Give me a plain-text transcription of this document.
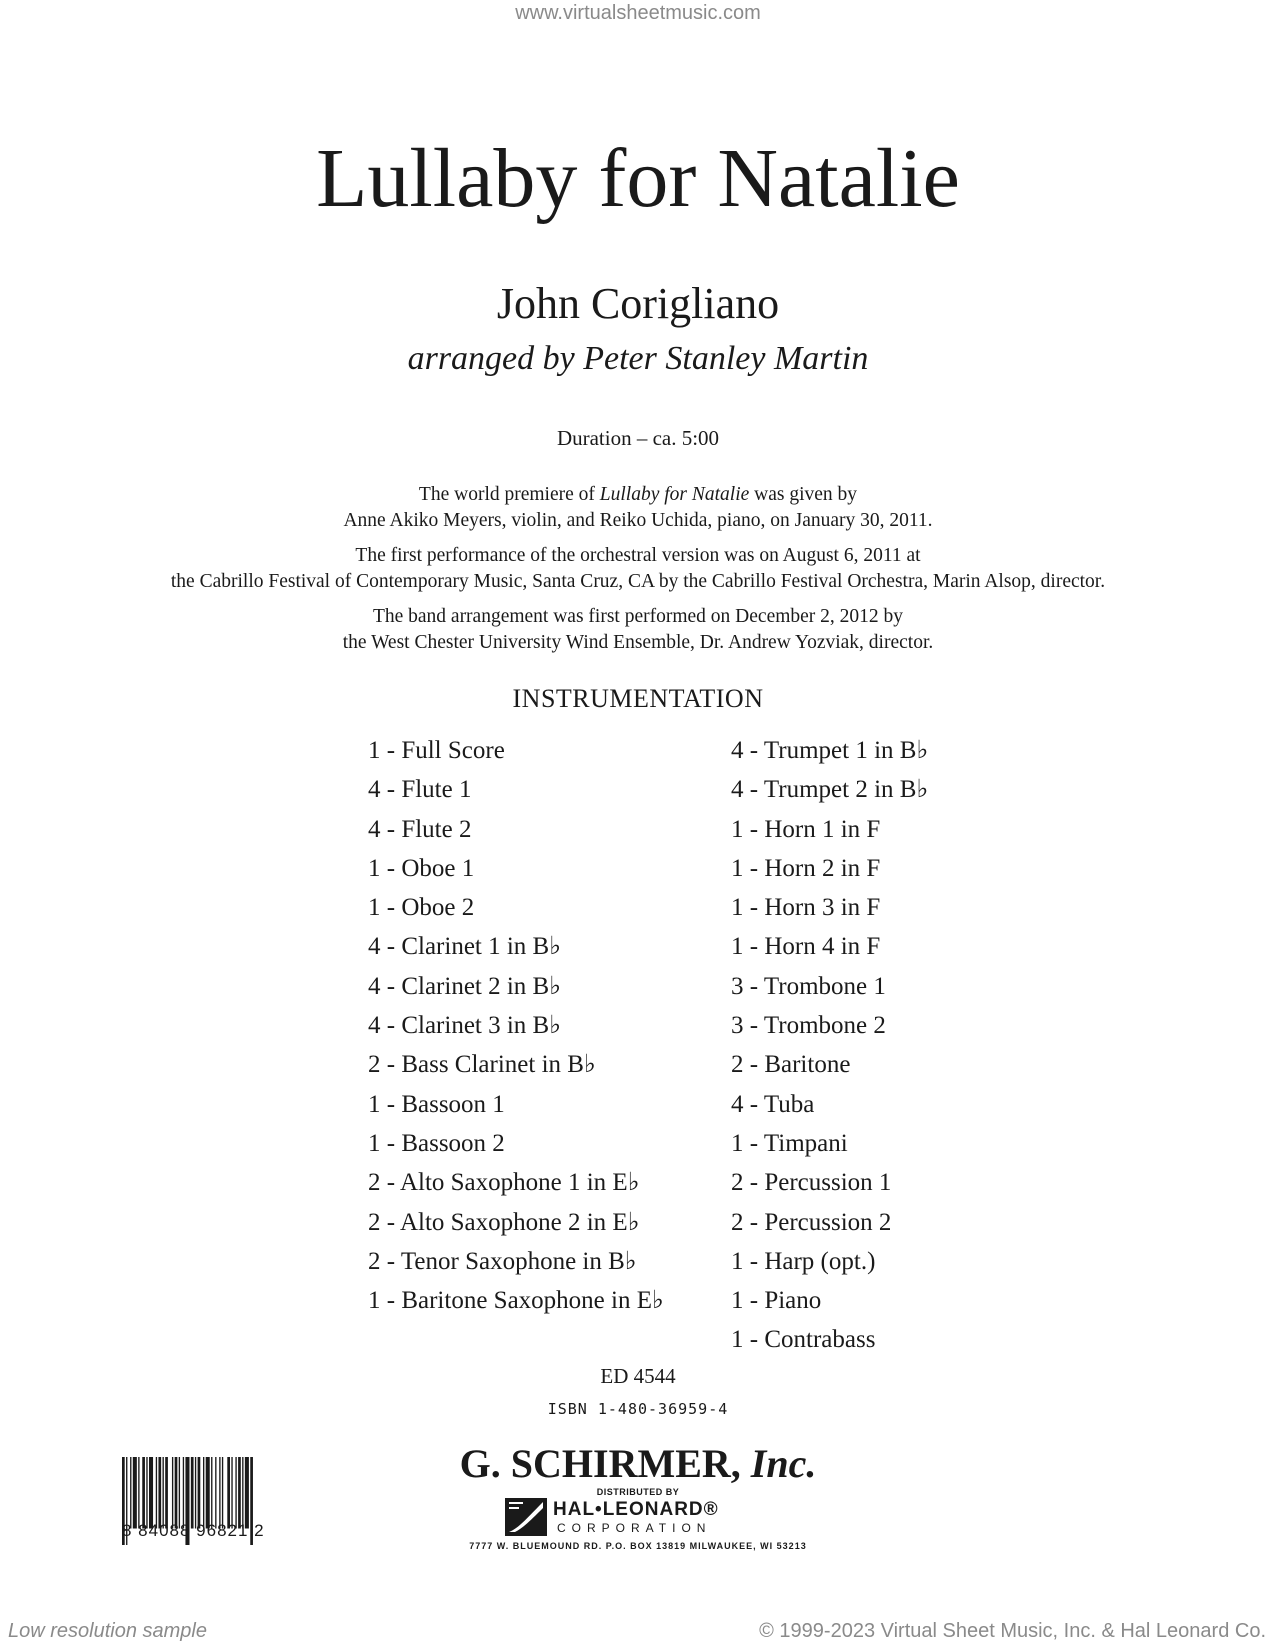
www.virtualsheetmusic.com
Lullaby for Natalie
John Corigliano
arranged by Peter Stanley Martin
Duration – ca. 5:00

The world premiere of Lullaby for Natalie was given by
Anne Akiko Meyers, violin, and Reiko Uchida, piano, on January 30, 2011.

The first performance of the orchestral version was on August 6, 2011 at
the Cabrillo Festival of Contemporary Music, Santa Cruz, CA by the Cabrillo Festival Orchestra, Marin Alsop, director.

The band arrangement was first performed on December 2, 2012 by
the West Chester University Wind Ensemble, Dr. Andrew Yozviak, director.

INSTRUMENTATION
1 - Full Score
4 - Flute 1
4 - Flute 2
1 - Oboe 1
1 - Oboe 2
4 - Clarinet 1 in B♭
4 - Clarinet 2 in B♭
4 - Clarinet 3 in B♭
2 - Bass Clarinet in B♭
1 - Bassoon 1
1 - Bassoon 2
2 - Alto Saxophone 1 in E♭
2 - Alto Saxophone 2 in E♭
2 - Tenor Saxophone in B♭
1 - Baritone Saxophone in E♭
4 - Trumpet 1 in B♭
4 - Trumpet 2 in B♭
1 - Horn 1 in F
1 - Horn 2 in F
1 - Horn 3 in F
1 - Horn 4 in F
3 - Trombone 1
3 - Trombone 2
2 - Baritone
4 - Tuba
1 - Timpani
2 - Percussion 1
2 - Percussion 2
1 - Harp (opt.)
1 - Piano
1 - Contrabass
ED 4544
ISBN 1-480-36959-4
8 84088 96821 2
G. SCHIRMER, Inc.
DISTRIBUTED BY
HAL•LEONARD®
CORPORATION
7777 W. BLUEMOUND RD. P.O. BOX 13819 MILWAUKEE, WI 53213
Low resolution sample	© 1999-2023 Virtual Sheet Music, Inc. & Hal Leonard Co.
